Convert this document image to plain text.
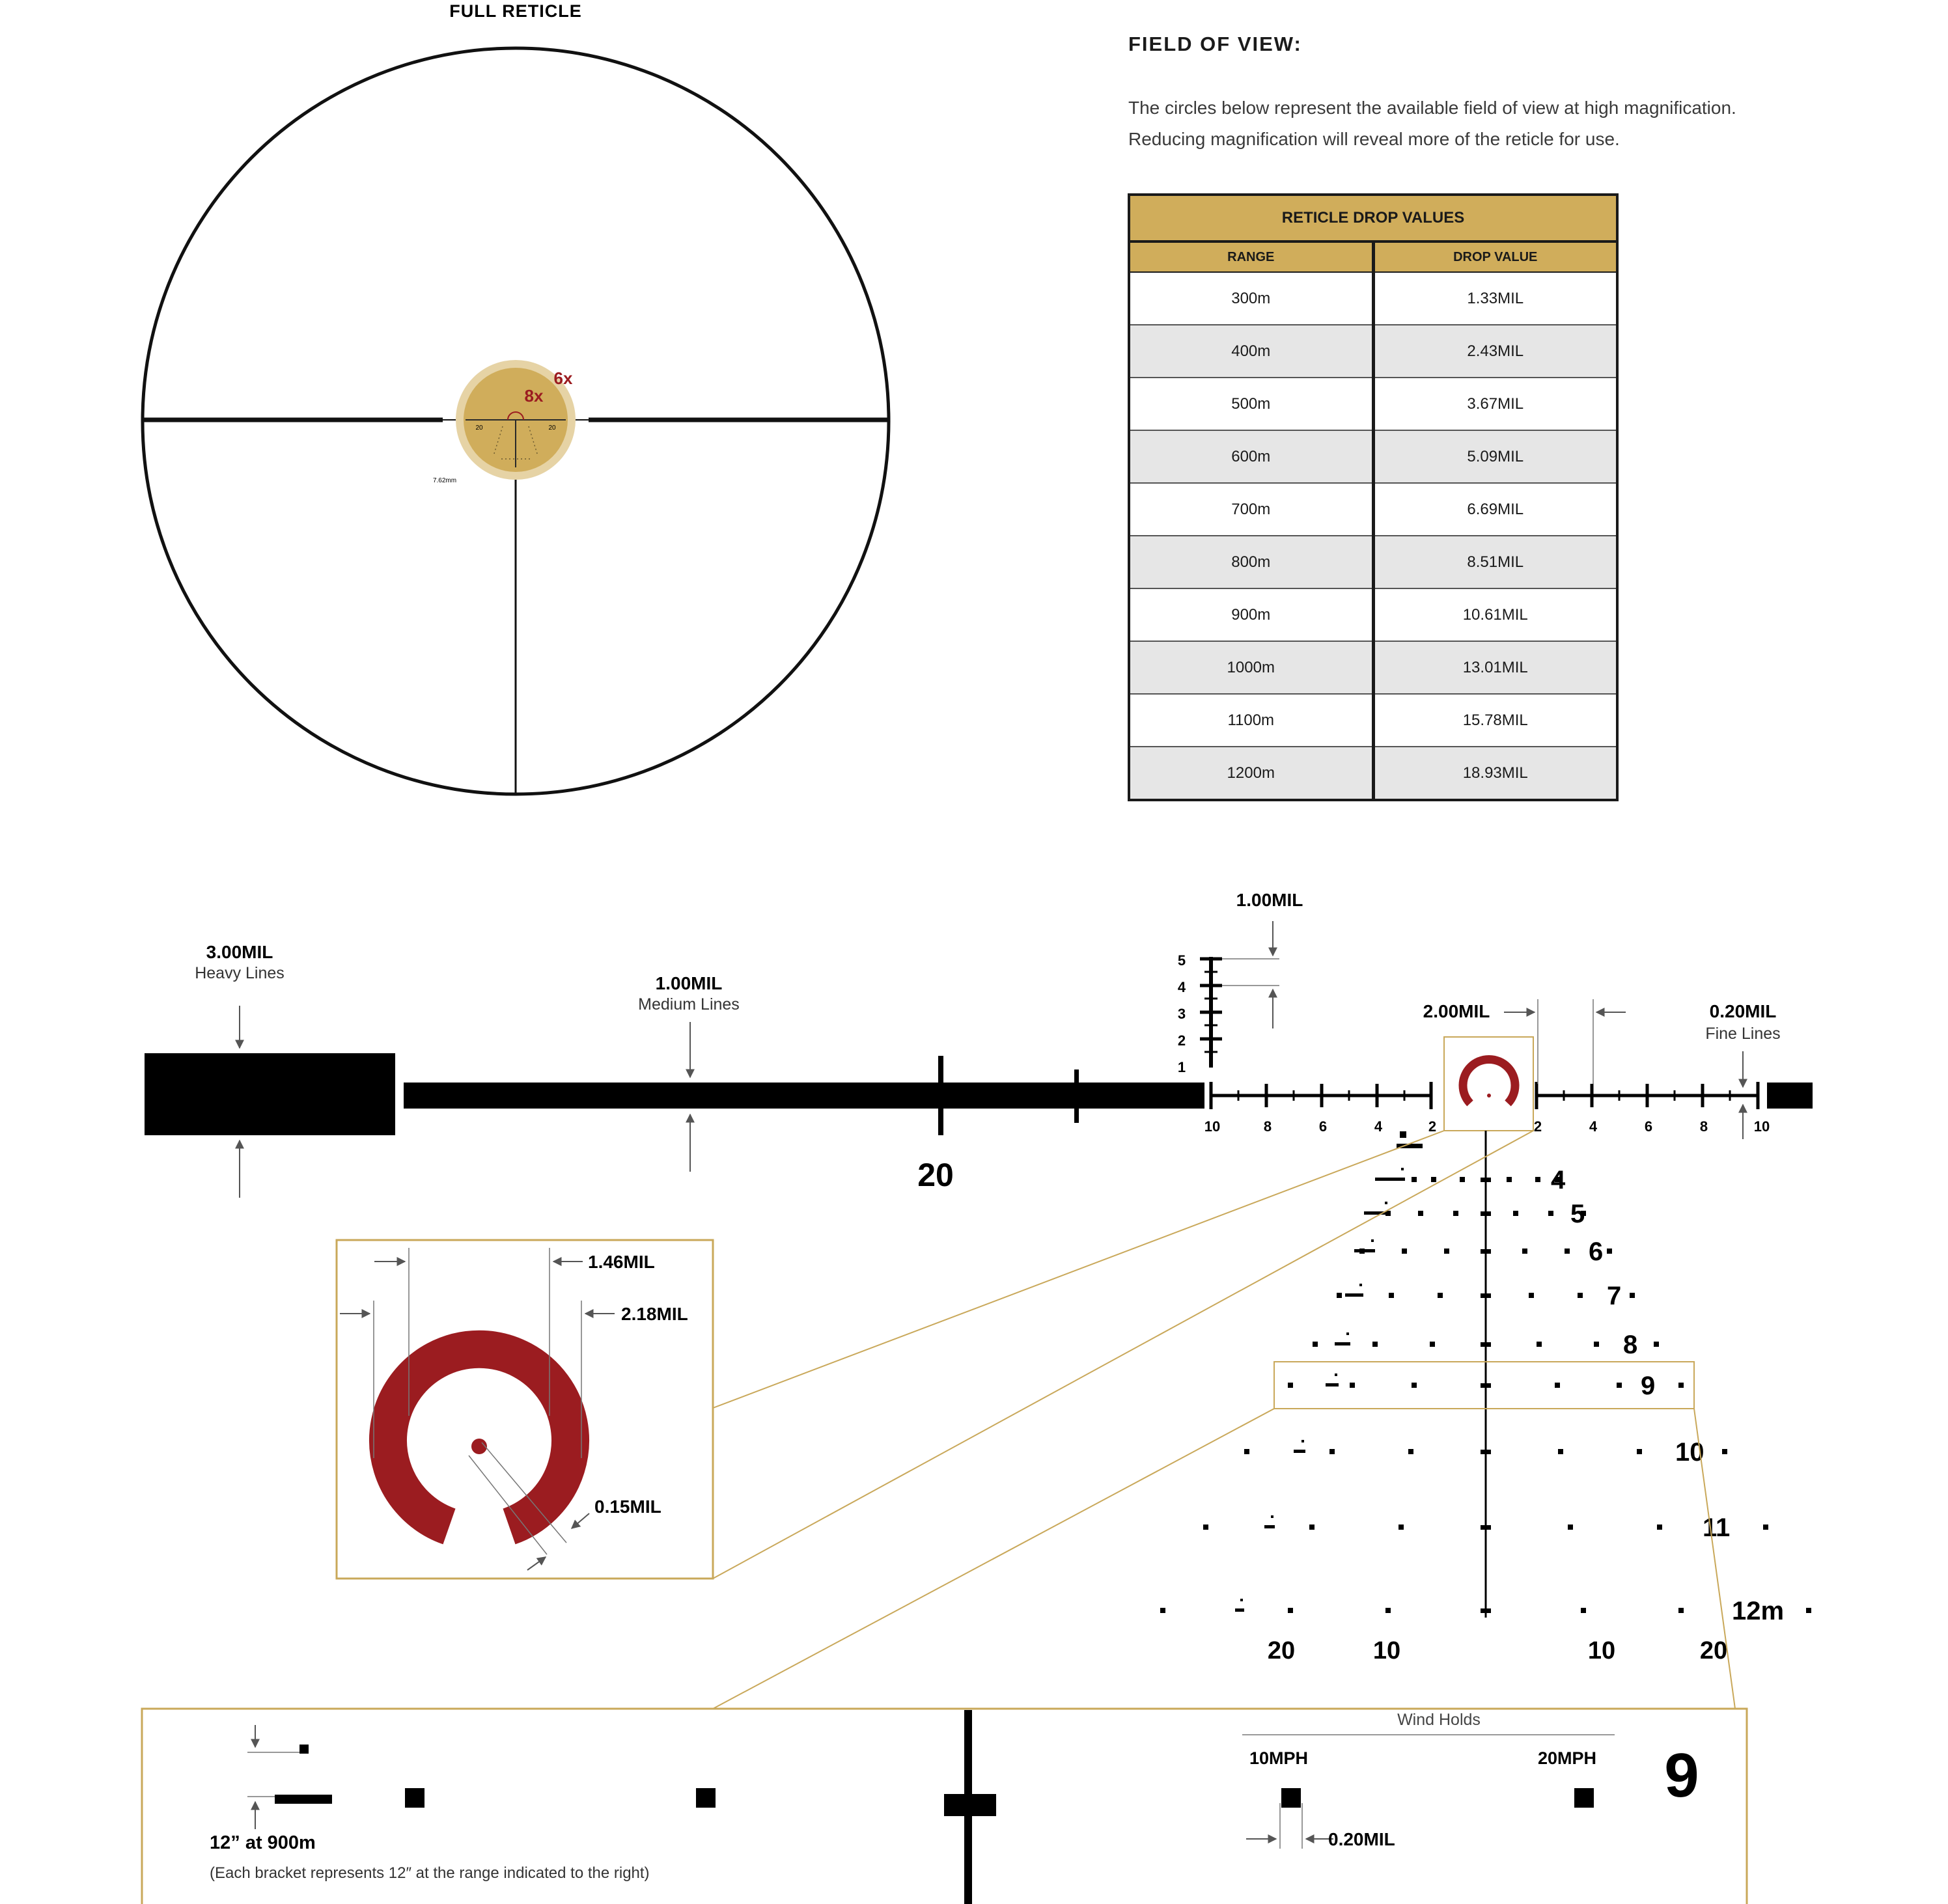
FIELD OF VIEW:
The circles below represent the available field of view at high magnification.
Reducing magnification will reveal more of the reticle for use.
RETICLE DROP VALUES	
RANGE	DROP VALUE
300m	1.33MIL
400m	2.43MIL
500m	3.67MIL
600m	5.09MIL
700m	6.69MIL
800m	8.51MIL
900m	10.61MIL
1000m	13.01MIL
1100m	15.78MIL
1200m	18.93MIL
FULL RETICLE
6x
8x
20	20
7.62mm
3.00MIL
Heavy Lines	1.00MIL
Medium Lines
20
5
4
3
2
1
1.00MIL
10	8	6	4	2	2	4	6	8	10
2.00MIL	0.20MIL
Fine Lines
4
5
6
7
8
9
10
11
12m
20	10	10	20
1.46MIL
2.18MIL
0.15MIL
Wind Holds
10MPH	20MPH
0.20MIL
9
12” at 900m
(Each bracket represents 12″ at the range indicated to the right)
